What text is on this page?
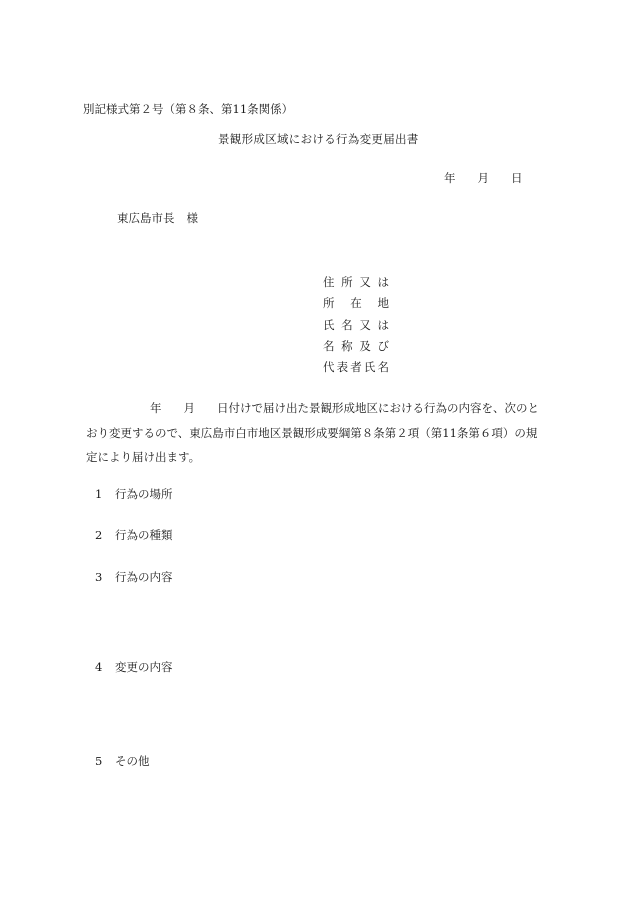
別記様式第２号（第８条、第11条関係）
景観形成区域における行為変更届出書
年 月 日
東広島市長 様
住所又は
所在地
氏名又は
名称及び
代表者氏名
年 月 日付けで届け出た景観形成地区における行為の内容を、次のと
おり変更するので、東広島市白市地区景観形成要綱第８条第２項（第11条第６項）の規
定により届け出ます。
1 行為の場所
2 行為の種類
3 行為の内容
4 変更の内容
5 その他
